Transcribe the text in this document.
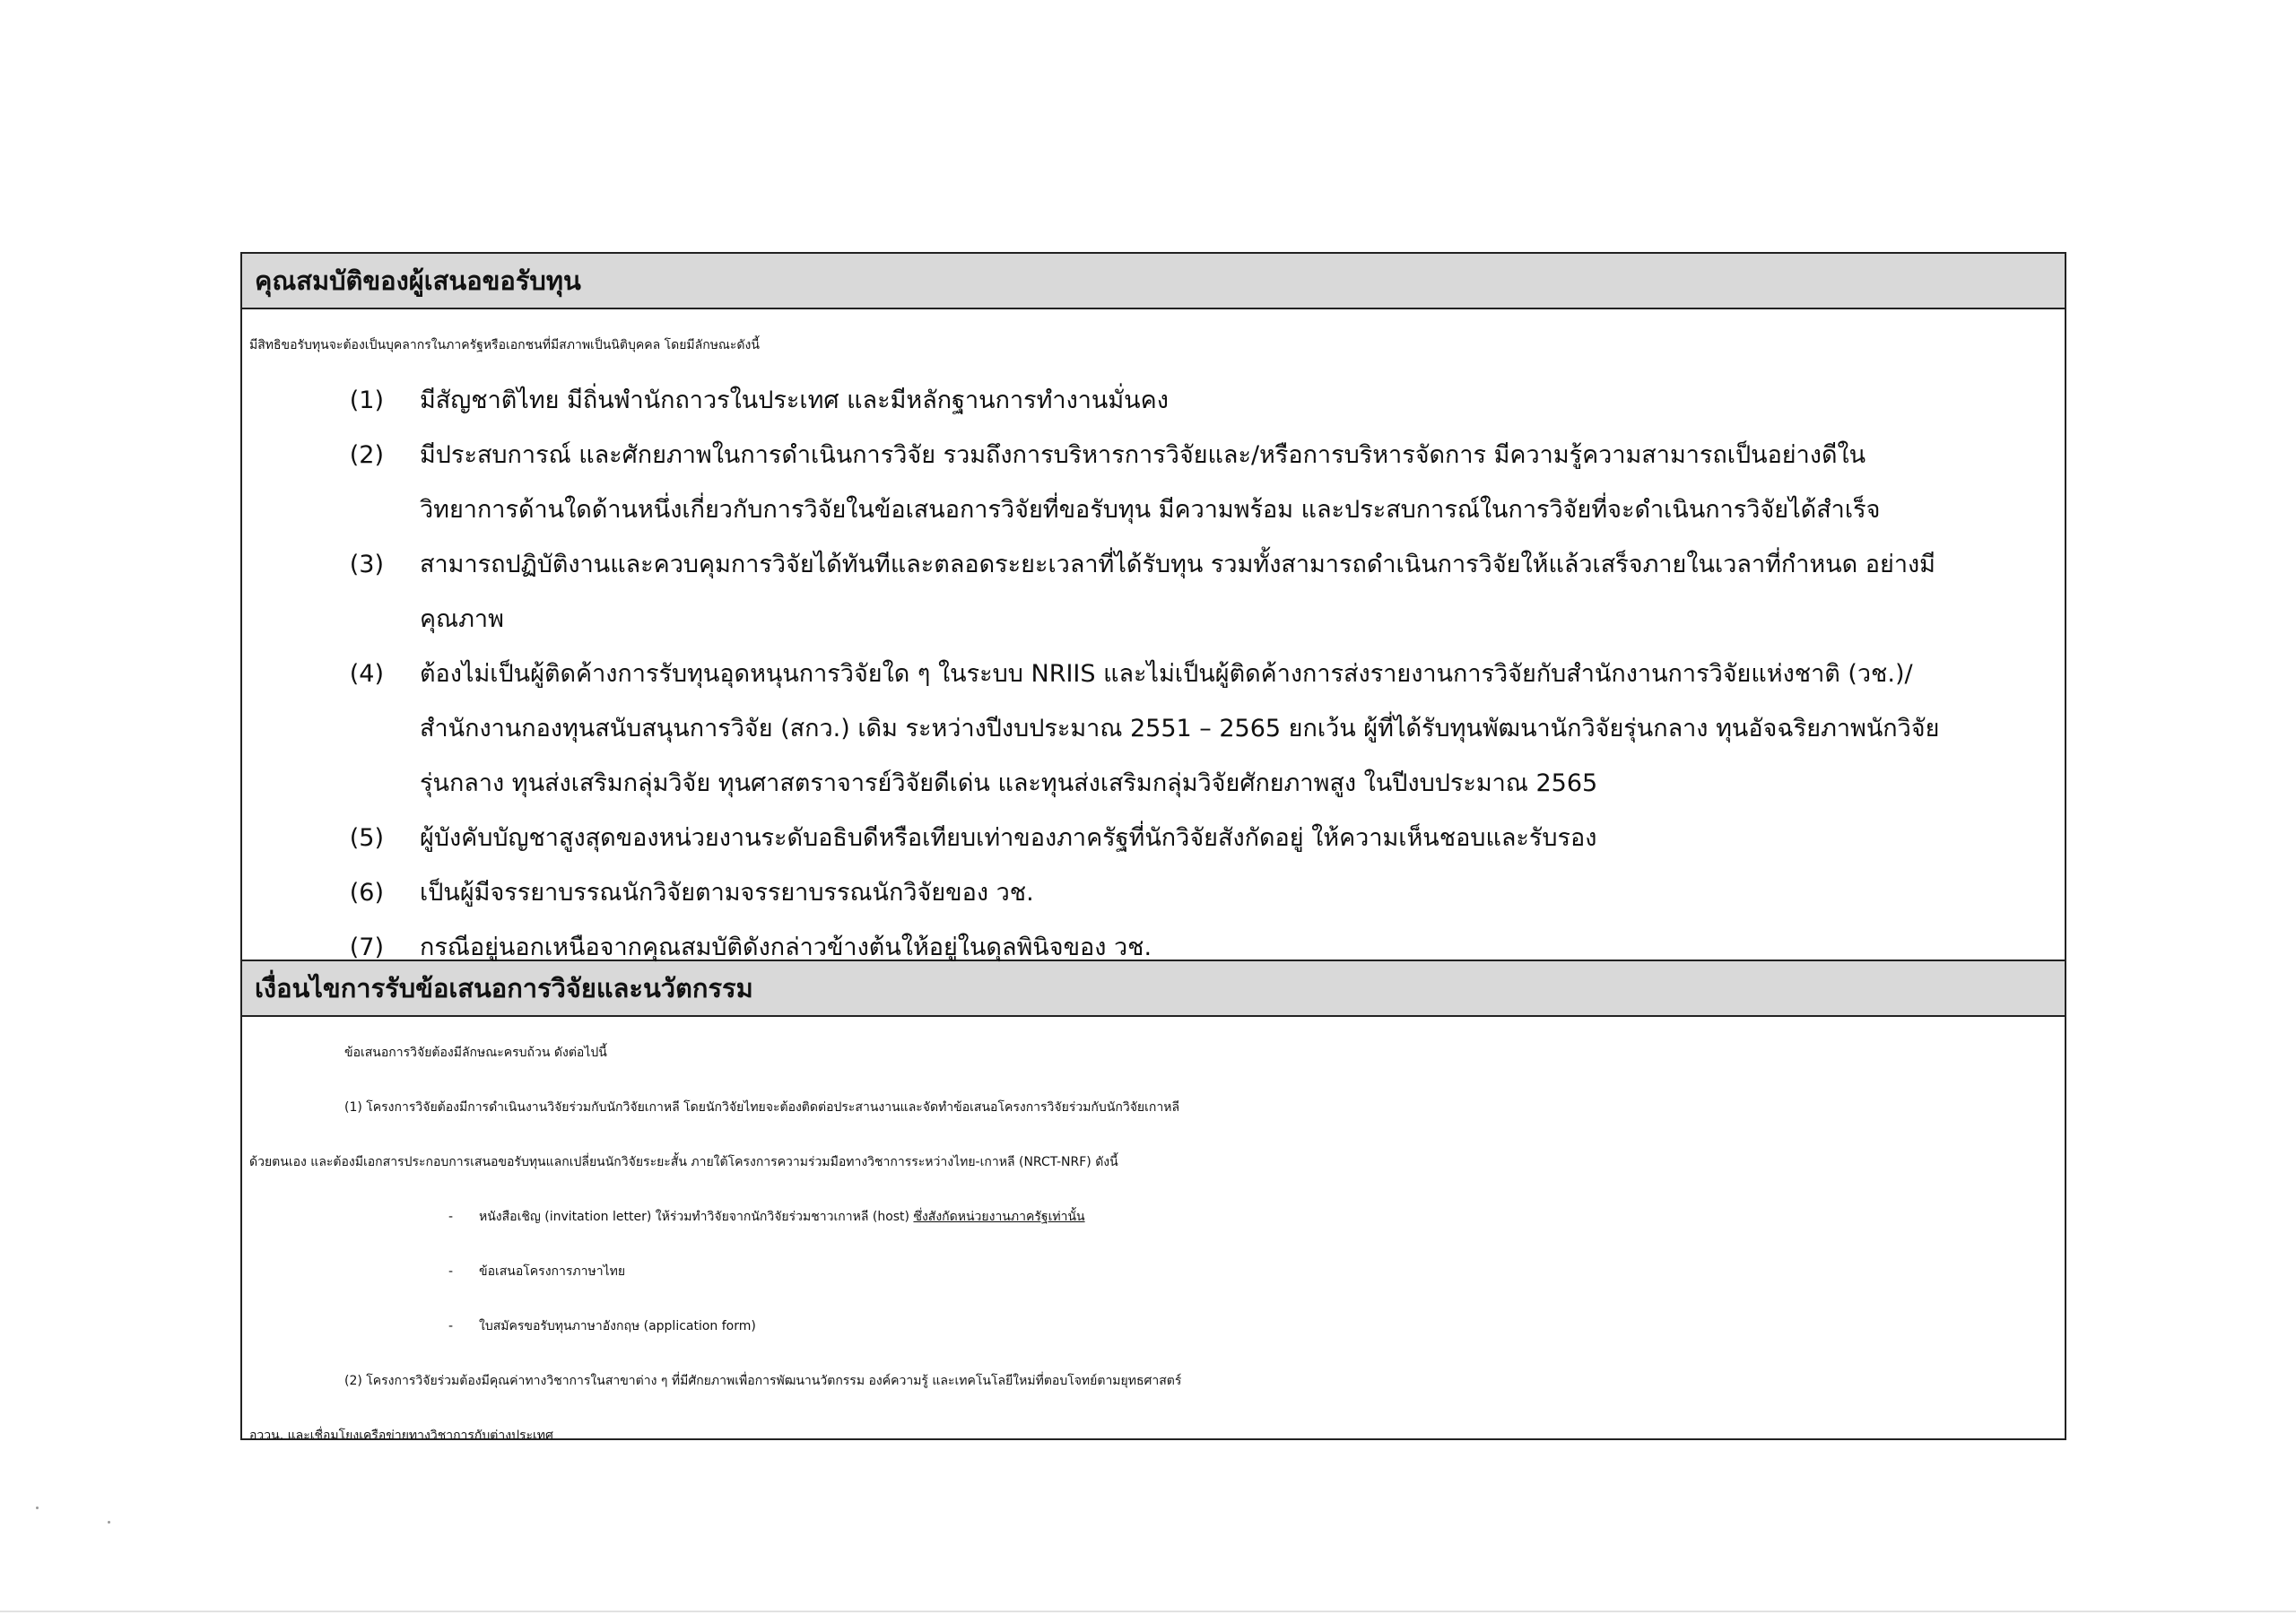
คุณสมบัติของผู้เสนอขอรับทุน

มีสิทธิขอรับทุนจะต้องเป็นบุคลากรในภาครัฐหรือเอกชนที่มีสภาพเป็นนิติบุคคล โดยมีลักษณะดังนี้

(1)	มีสัญชาติไทย มีถิ่นพำนักถาวรในประเทศ และมีหลักฐานการทำงานมั่นคง
(2)	มีประสบการณ์ และศักยภาพในการดำเนินการวิจัย รวมถึงการบริหารการวิจัยและ/หรือการบริหารจัดการ มีความรู้ความสามารถเป็นอย่างดีใน
วิทยาการด้านใดด้านหนึ่งเกี่ยวกับการวิจัยในข้อเสนอการวิจัยที่ขอรับทุน มีความพร้อม และประสบการณ์ในการวิจัยที่จะดำเนินการวิจัยได้สำเร็จ
(3)	สามารถปฏิบัติงานและควบคุมการวิจัยได้ทันทีและตลอดระยะเวลาที่ได้รับทุน รวมทั้งสามารถดำเนินการวิจัยให้แล้วเสร็จภายในเวลาที่กำหนด อย่างมี
คุณภาพ
(4)	ต้องไม่เป็นผู้ติดค้างการรับทุนอุดหนุนการวิจัยใด ๆ ในระบบ NRIIS และไม่เป็นผู้ติดค้างการส่งรายงานการวิจัยกับสำนักงานการวิจัยแห่งชาติ (วช.)/
สำนักงานกองทุนสนับสนุนการวิจัย (สกว.) เดิม ระหว่างปีงบประมาณ 2551 – 2565 ยกเว้น ผู้ที่ได้รับทุนพัฒนานักวิจัยรุ่นกลาง ทุนอัจฉริยภาพนักวิจัย
รุ่นกลาง ทุนส่งเสริมกลุ่มวิจัย ทุนศาสตราจารย์วิจัยดีเด่น และทุนส่งเสริมกลุ่มวิจัยศักยภาพสูง ในปีงบประมาณ 2565
(5)	ผู้บังคับบัญชาสูงสุดของหน่วยงานระดับอธิบดีหรือเทียบเท่าของภาครัฐที่นักวิจัยสังกัดอยู่ ให้ความเห็นชอบและรับรอง
(6)	เป็นผู้มีจรรยาบรรณนักวิจัยตามจรรยาบรรณนักวิจัยของ วช.
(7)	กรณีอยู่นอกเหนือจากคุณสมบัติดังกล่าวข้างต้นให้อยู่ในดุลพินิจของ วช.
เงื่อนไขการรับข้อเสนอการวิจัยและนวัตกรรม

ข้อเสนอการวิจัยต้องมีลักษณะครบถ้วน ดังต่อไปนี้

(1) โครงการวิจัยต้องมีการดำเนินงานวิจัยร่วมกับนักวิจัยเกาหลี โดยนักวิจัยไทยจะต้องติดต่อประสานงานและจัดทำข้อเสนอโครงการวิจัยร่วมกับนักวิจัยเกาหลี

ด้วยตนเอง และต้องมีเอกสารประกอบการเสนอขอรับทุนแลกเปลี่ยนนักวิจัยระยะสั้น ภายใต้โครงการความร่วมมือทางวิชาการระหว่างไทย-เกาหลี (NRCT-NRF) ดังนี้

- หนังสือเชิญ (invitation letter) ให้ร่วมทำวิจัยจากนักวิจัยร่วมชาวเกาหลี (host) ซึ่งสังกัดหน่วยงานภาครัฐเท่านั้น
- ข้อเสนอโครงการภาษาไทย
- ใบสมัครขอรับทุนภาษาอังกฤษ (application form)

(2) โครงการวิจัยร่วมต้องมีคุณค่าทางวิชาการในสาขาต่าง ๆ ที่มีศักยภาพเพื่อการพัฒนานวัตกรรม องค์ความรู้ และเทคโนโลยีใหม่ที่ตอบโจทย์ตามยุทธศาสตร์

อววน. และเชื่อมโยงเครือข่ายทางวิชาการกับต่างประเทศ
